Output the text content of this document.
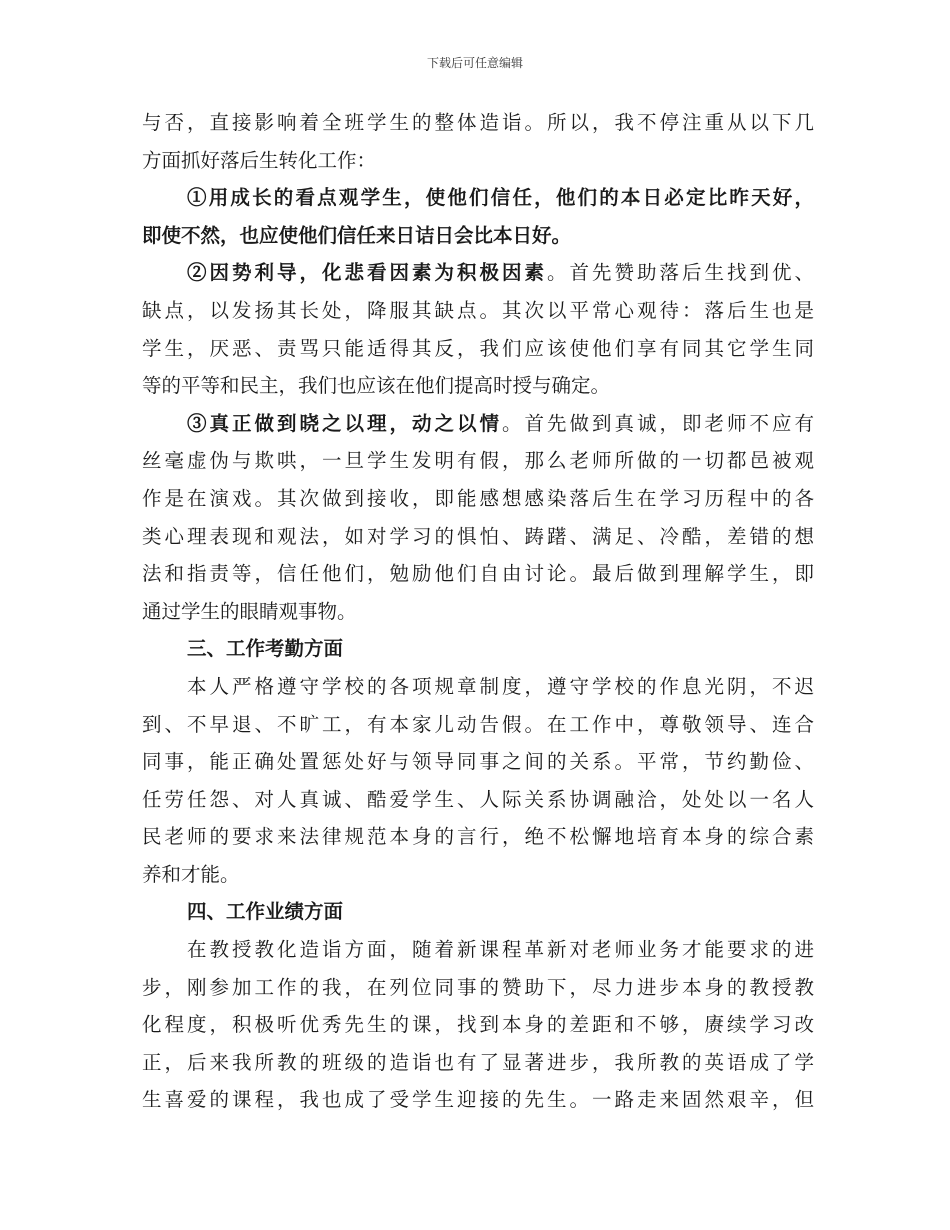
下载后可任意编辑
与否，直接影响着全班学生的整体造诣。所以，我不停注重从以下几
方面抓好落后生转化工作：
①用成长的看点观学生，使他们信任，他们的本日必定比昨天好，
即使不然，也应使他们信任来日诘日会比本日好。
②因势利导，化悲看因素为积极因素。首先赞助落后生找到优、
缺点，以发扬其长处，降服其缺点。其次以平常心观待：落后生也是
学生，厌恶、责骂只能适得其反，我们应该使他们享有同其它学生同
等的平等和民主，我们也应该在他们提高时授与确定。
③真正做到晓之以理，动之以情。首先做到真诚，即老师不应有
丝毫虚伪与欺哄，一旦学生发明有假，那么老师所做的一切都邑被观
作是在演戏。其次做到接收，即能感想感染落后生在学习历程中的各
类心理表现和观法，如对学习的惧怕、踌躇、满足、冷酷，差错的想
法和指责等，信任他们，勉励他们自由讨论。最后做到理解学生，即
通过学生的眼睛观事物。
三、工作考勤方面
本人严格遵守学校的各项规章制度，遵守学校的作息光阴，不迟
到、不早退、不旷工，有本家儿动告假。在工作中，尊敬领导、连合
同事，能正确处置惩处好与领导同事之间的关系。平常，节约勤俭、
任劳任怨、对人真诚、酷爱学生、人际关系协调融洽，处处以一名人
民老师的要求来法律规范本身的言行，绝不松懈地培育本身的综合素
养和才能。
四、工作业绩方面
在教授教化造诣方面，随着新课程革新对老师业务才能要求的进
步，刚参加工作的我，在列位同事的赞助下，尽力进步本身的教授教
化程度，积极听优秀先生的课，找到本身的差距和不够，赓续学习改
正，后来我所教的班级的造诣也有了显著进步，我所教的英语成了学
生喜爱的课程，我也成了受学生迎接的先生。一路走来固然艰辛，但
